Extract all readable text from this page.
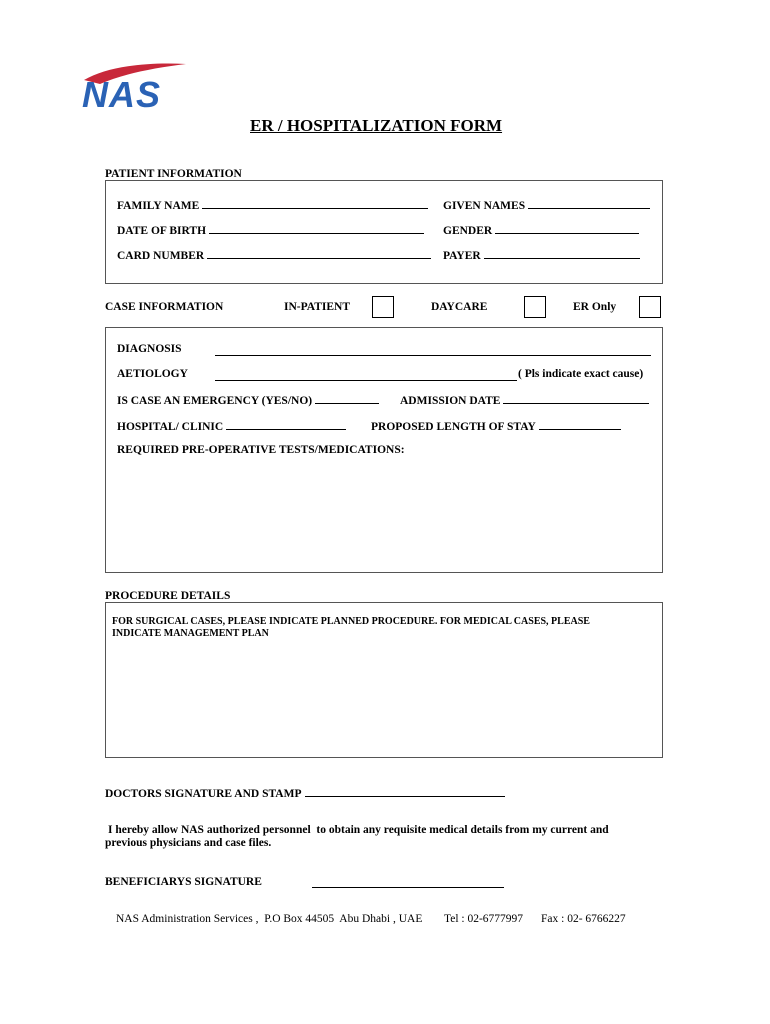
NAS
ER / HOSPITALIZATION FORM
PATIENT INFORMATION
FAMILY NAME	GIVEN NAMES
DATE OF BIRTH	GENDER
CARD NUMBER	PAYER
CASE INFORMATION	IN-PATIENT	DAYCARE	ER Only
DIAGNOSIS
AETIOLOGY	( Pls indicate exact cause)
IS CASE AN EMERGENCY (YES/NO)	ADMISSION DATE
HOSPITAL/ CLINIC	PROPOSED LENGTH OF STAY
REQUIRED PRE-OPERATIVE TESTS/MEDICATIONS:
PROCEDURE DETAILS
FOR SURGICAL CASES, PLEASE INDICATE PLANNED PROCEDURE. FOR MEDICAL CASES, PLEASE
INDICATE MANAGEMENT PLAN
DOCTORS SIGNATURE AND STAMP
I hereby allow NAS authorized personnel  to obtain any requisite medical details from my current and
previous physicians and case files.
BENEFICIARYS SIGNATURE
NAS Administration Services ,  P.O Box 44505  Abu Dhabi , UAE Tel : 02-6777997 Fax : 02- 6766227
